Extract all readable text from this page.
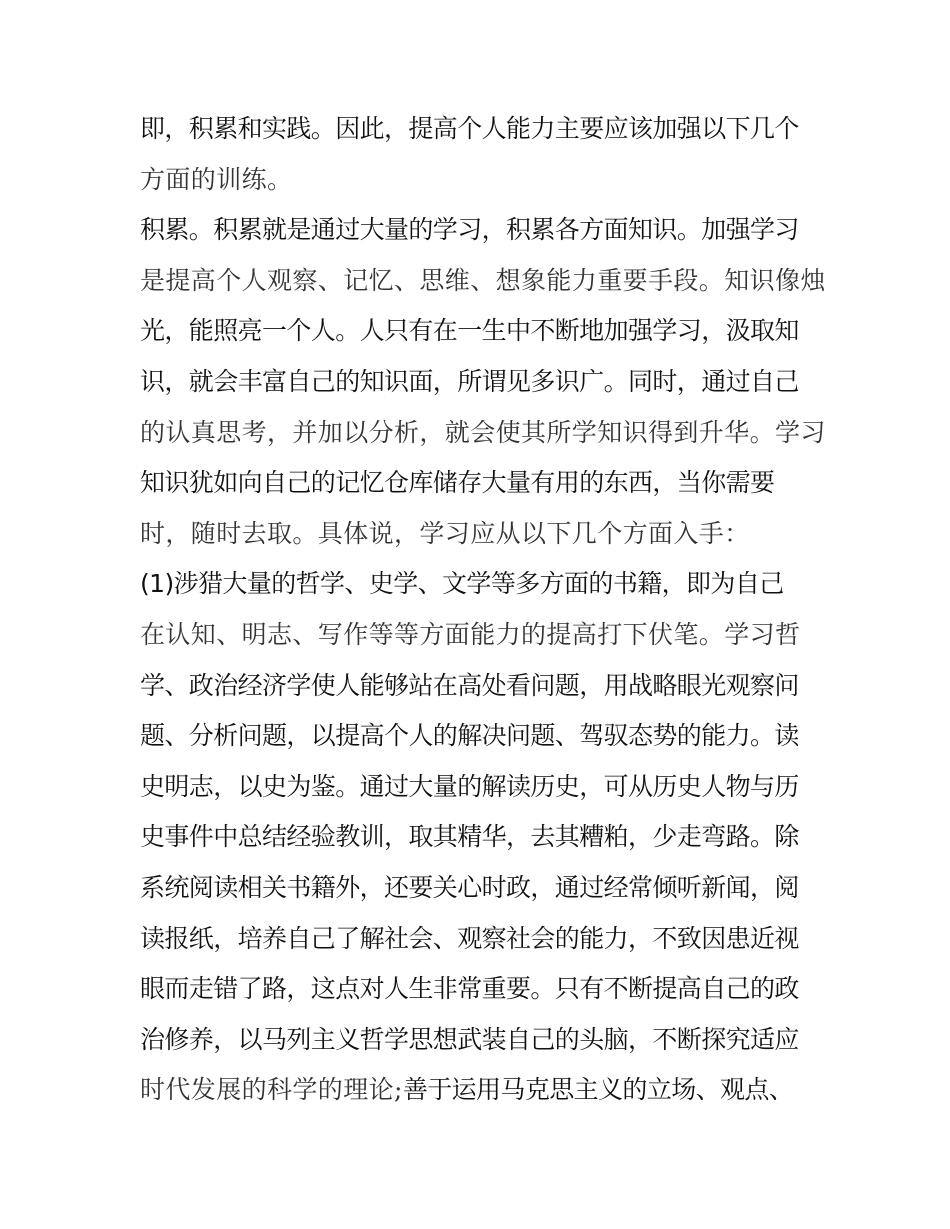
即，积累和实践。因此，提高个人能力主要应该加强以下几个
方面的训练。
积累。积累就是通过大量的学习，积累各方面知识。加强学习
是提高个人观察、记忆、思维、想象能力重要手段。知识像烛
光，能照亮一个人。人只有在一生中不断地加强学习，汲取知
识，就会丰富自己的知识面，所谓见多识广。同时，通过自己
的认真思考，并加以分析，就会使其所学知识得到升华。学习
知识犹如向自己的记忆仓库储存大量有用的东西，当你需要
时，随时去取。具体说，学习应从以下几个方面入手：
(1)涉猎大量的哲学、史学、文学等多方面的书籍，即为自己
在认知、明志、写作等等方面能力的提高打下伏笔。学习哲
学、政治经济学使人能够站在高处看问题，用战略眼光观察问
题、分析问题，以提高个人的解决问题、驾驭态势的能力。读
史明志，以史为鉴。通过大量的解读历史，可从历史人物与历
史事件中总结经验教训，取其精华，去其糟粕，少走弯路。除
系统阅读相关书籍外，还要关心时政，通过经常倾听新闻，阅
读报纸，培养自己了解社会、观察社会的能力，不致因患近视
眼而走错了路，这点对人生非常重要。只有不断提高自己的政
治修养，以马列主义哲学思想武装自己的头脑，不断探究适应
时代发展的科学的理论;善于运用马克思主义的立场、观点、
